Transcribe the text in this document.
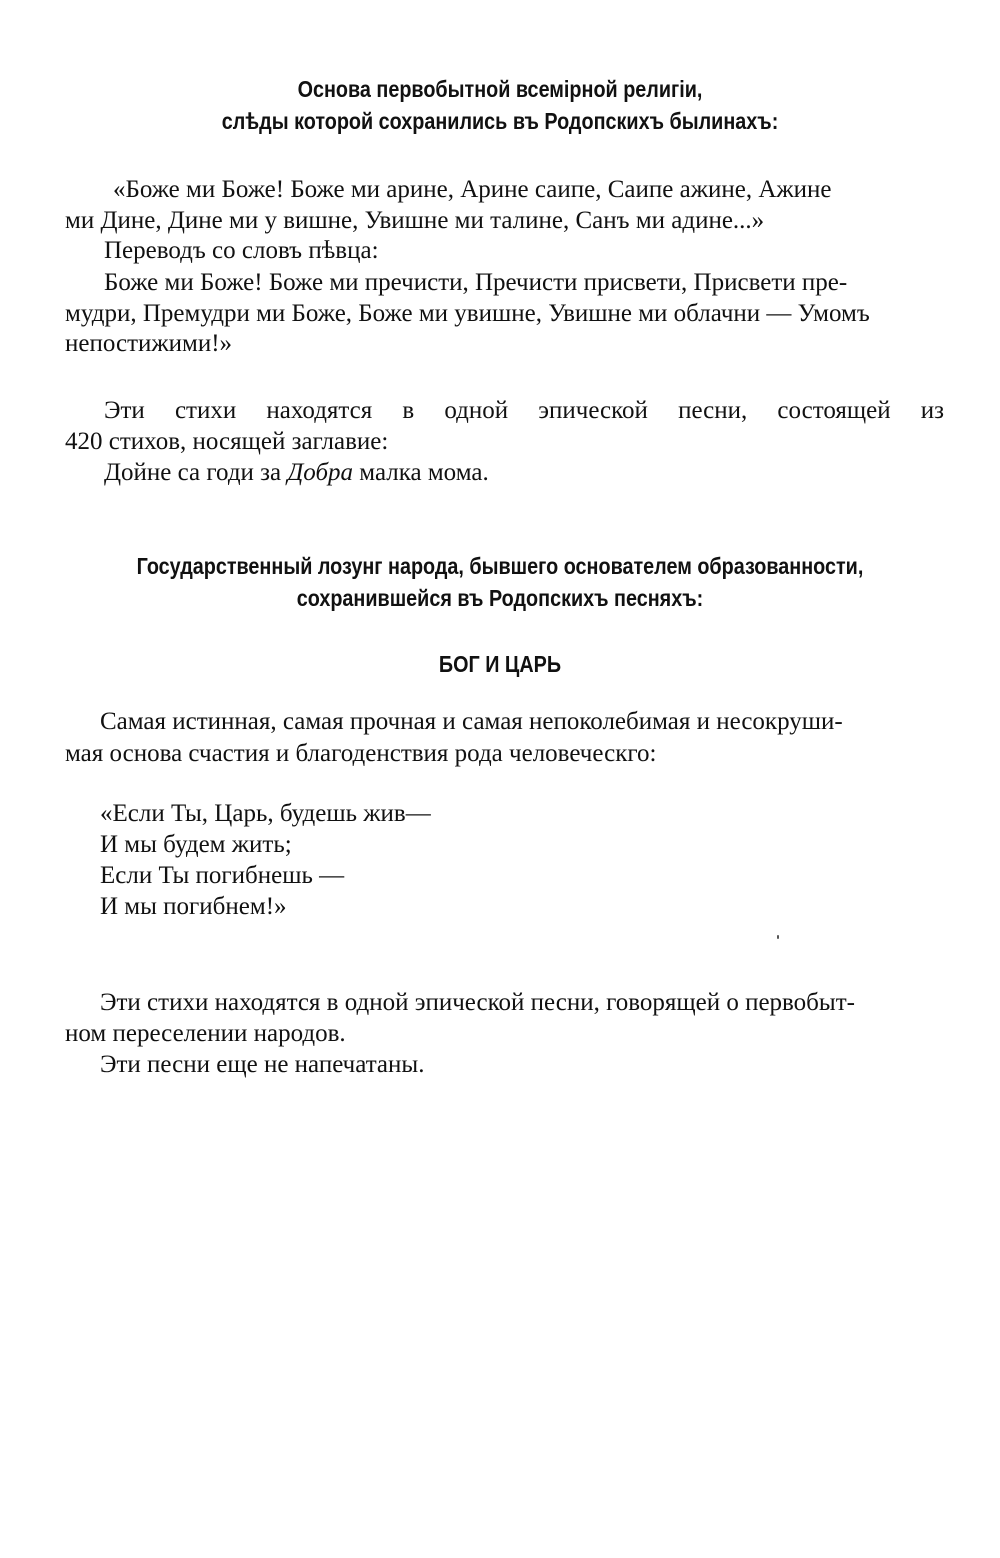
Основа первобытной всемiрной религiи,
слѣды которой сохранились въ Родопскихъ былинахъ:
«Боже ми Боже! Боже ми арине, Арине саипе, Саипе ажине, Ажине
ми Дине, Дине ми у вишне, Увишне ми талине, Санъ ми адине...»
Переводъ со словъ пѣвца:
Боже ми Боже! Боже ми пречисти, Пречисти присвети, Присвети пре-
мудри, Премудри ми Боже, Боже ми увишне, Увишне ми облачни — Умомъ
непостижими!»
Эти стихи находятся в одной эпической песни, состоящей из
420 стихов, носящей заглавие:
Дойне са годи за Добра малка мома.
Государственный лозунг народа, бывшего основателем образованности,
сохранившейся въ Родопскихъ песняхъ:
БОГ И ЦАРЬ
Самая истинная, самая прочная и самая непоколебимая и несокруши-
мая основа счастия и благоденствия рода человеческго:
«Если Ты, Царь, будешь жив—
И мы будем жить;
Если Ты погибнешь —
И мы погибнем!»
Эти стихи находятся в одной эпической песни, говорящей о первобыт-
ном переселении народов.
Эти песни еще не напечатаны.
